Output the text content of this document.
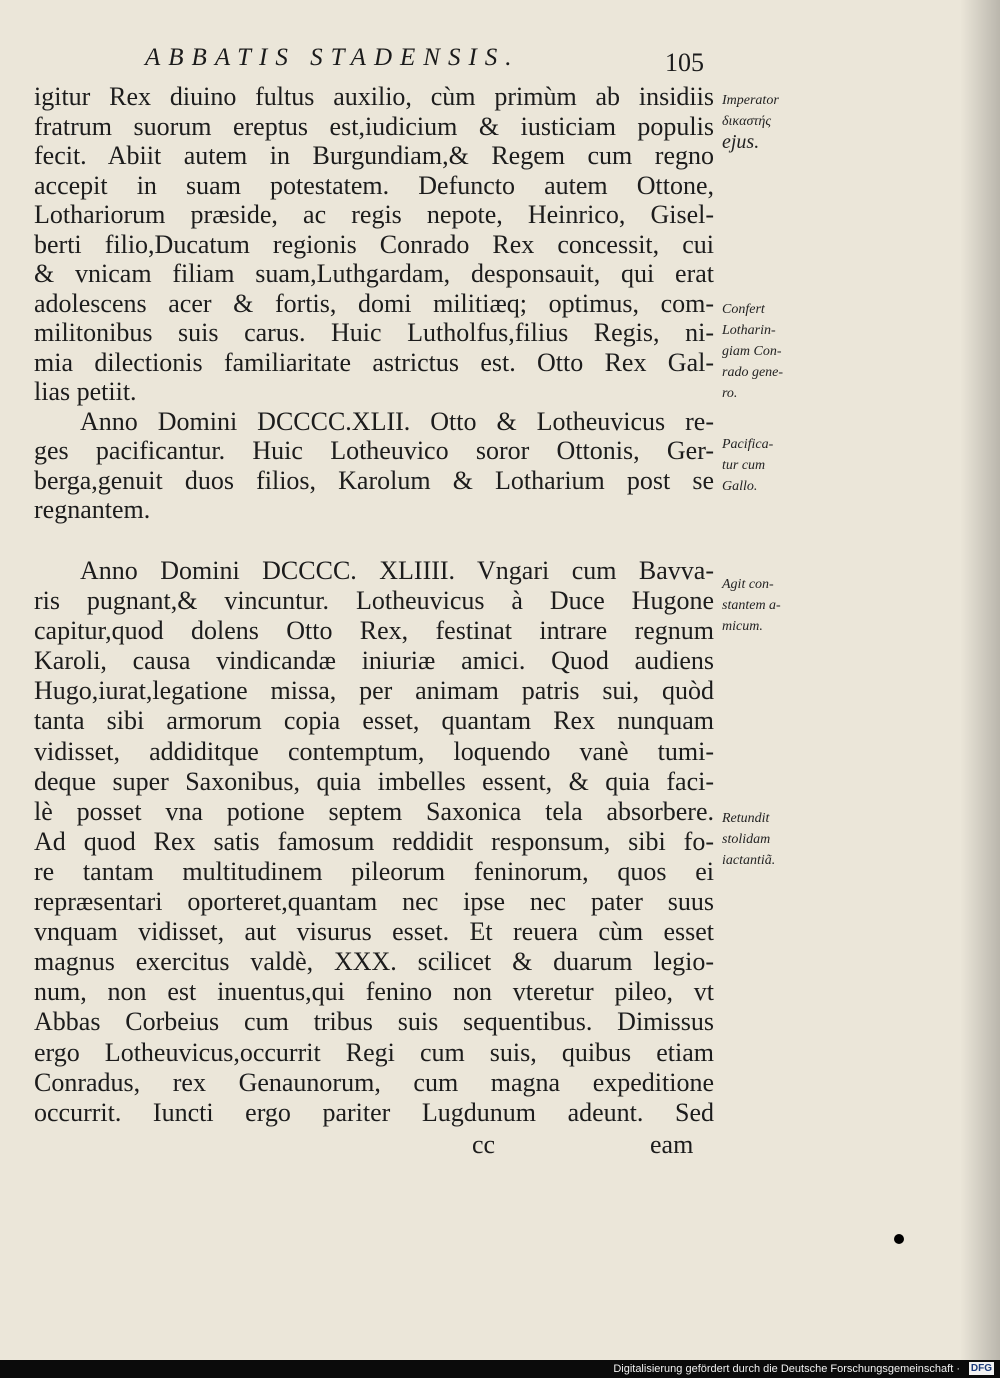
ABBATIS STADENSIS.	105
igitur Rex diuino fultus auxilio, cùm primùm ab insidiis
fratrum suorum ereptus est,iudicium & iusticiam populis
fecit. Abiit autem in Burgundiam,& Regem cum regno
accepit in suam potestatem. Defuncto autem Ottone,
Lothariorum præside, ac regis nepote, Heinrico, Gisel-
berti filio,Ducatum regionis Conrado Rex concessit, cui
& vnicam filiam suam,Luthgardam, desponsauit, qui erat
adolescens acer & fortis, domi militiæq; optimus, com-
militonibus suis carus. Huic Lutholfus,filius Regis, ni-
mia dilectionis familiaritate astrictus est. Otto Rex Gal-
lias petiit.
Anno Domini DCCCC.XLII. Otto & Lotheuvicus re-
ges pacificantur. Huic Lotheuvico soror Ottonis, Ger-
berga,genuit duos filios, Karolum & Lotharium post se
regnantem.
Anno Domini DCCCC. XLIIII. Vngari cum Bavva-
ris pugnant,& vincuntur. Lotheuvicus à Duce Hugone
capitur,quod dolens Otto Rex, festinat intrare regnum
Karoli, causa vindicandæ iniuriæ amici. Quod audiens
Hugo,iurat,legatione missa, per animam patris sui, quòd
tanta sibi armorum copia esset, quantam Rex nunquam
vidisset, addiditque contemptum, loquendo vanè tumi-
deque super Saxonibus, quia imbelles essent, & quia faci-
lè posset vna potione septem Saxonica tela absorbere.
Ad quod Rex satis famosum reddidit responsum, sibi fo-
re tantam multitudinem pileorum feninorum, quos ei
repræsentari oporteret,quantam nec ipse nec pater suus
vnquam vidisset, aut visurus esset. Et reuera cùm esset
magnus exercitus valdè, XXX. scilicet & duarum legio-
num, non est inuentus,qui fenino non vteretur pileo, vt
Abbas Corbeius cum tribus suis sequentibus. Dimissus
ergo Lotheuvicus,occurrit Regi cum suis, quibus etiam
Conradus, rex Genaunorum, cum magna expeditione
occurrit. Iuncti ergo pariter Lugdunum adeunt. Sed
Imperator
δικαστής
ejus.
Confert
Lotharin-
giam Con-
rado gene-
ro.
Pacifica-
tur cum
Gallo.
Agit con-
stantem a-
micum.
Retundit
stolidam
iactantiã.
cc	eam
Digitalisierung gefördert durch die Deutsche Forschungsgemeinschaft · DFG
